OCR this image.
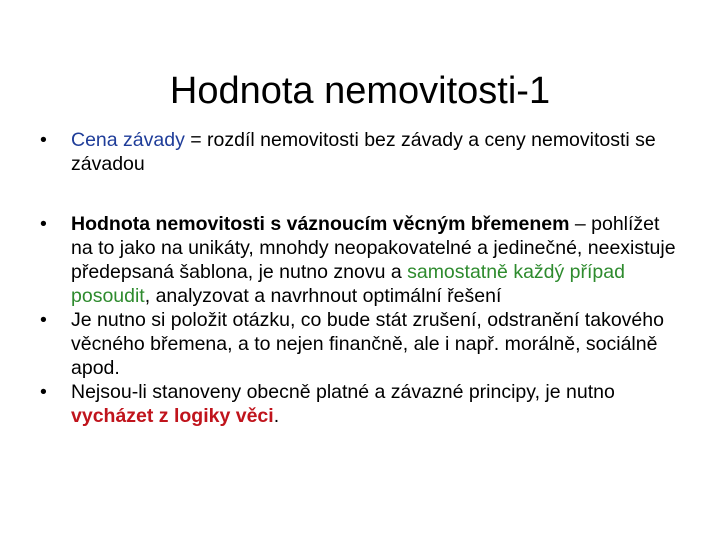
Hodnota nemovitosti-1
• Cena závady = rozdíl nemovitosti bez závady a ceny nemovitosti se závadou
• Hodnota nemovitosti s váznoucím věcným břemenem – pohlížet na to jako na unikáty, mnohdy neopakovatelné a jedinečné, neexistuje předepsaná šablona, je nutno znovu a samostatně každý případ posoudit, analyzovat a navrhnout optimální řešení
• Je nutno si položit otázku, co bude stát zrušení, odstranění takového věcného břemena, a to nejen finančně, ale i např. morálně, sociálně apod.
• Nejsou-li stanoveny obecně platné a závazné principy, je nutno vycházet z logiky věci.
